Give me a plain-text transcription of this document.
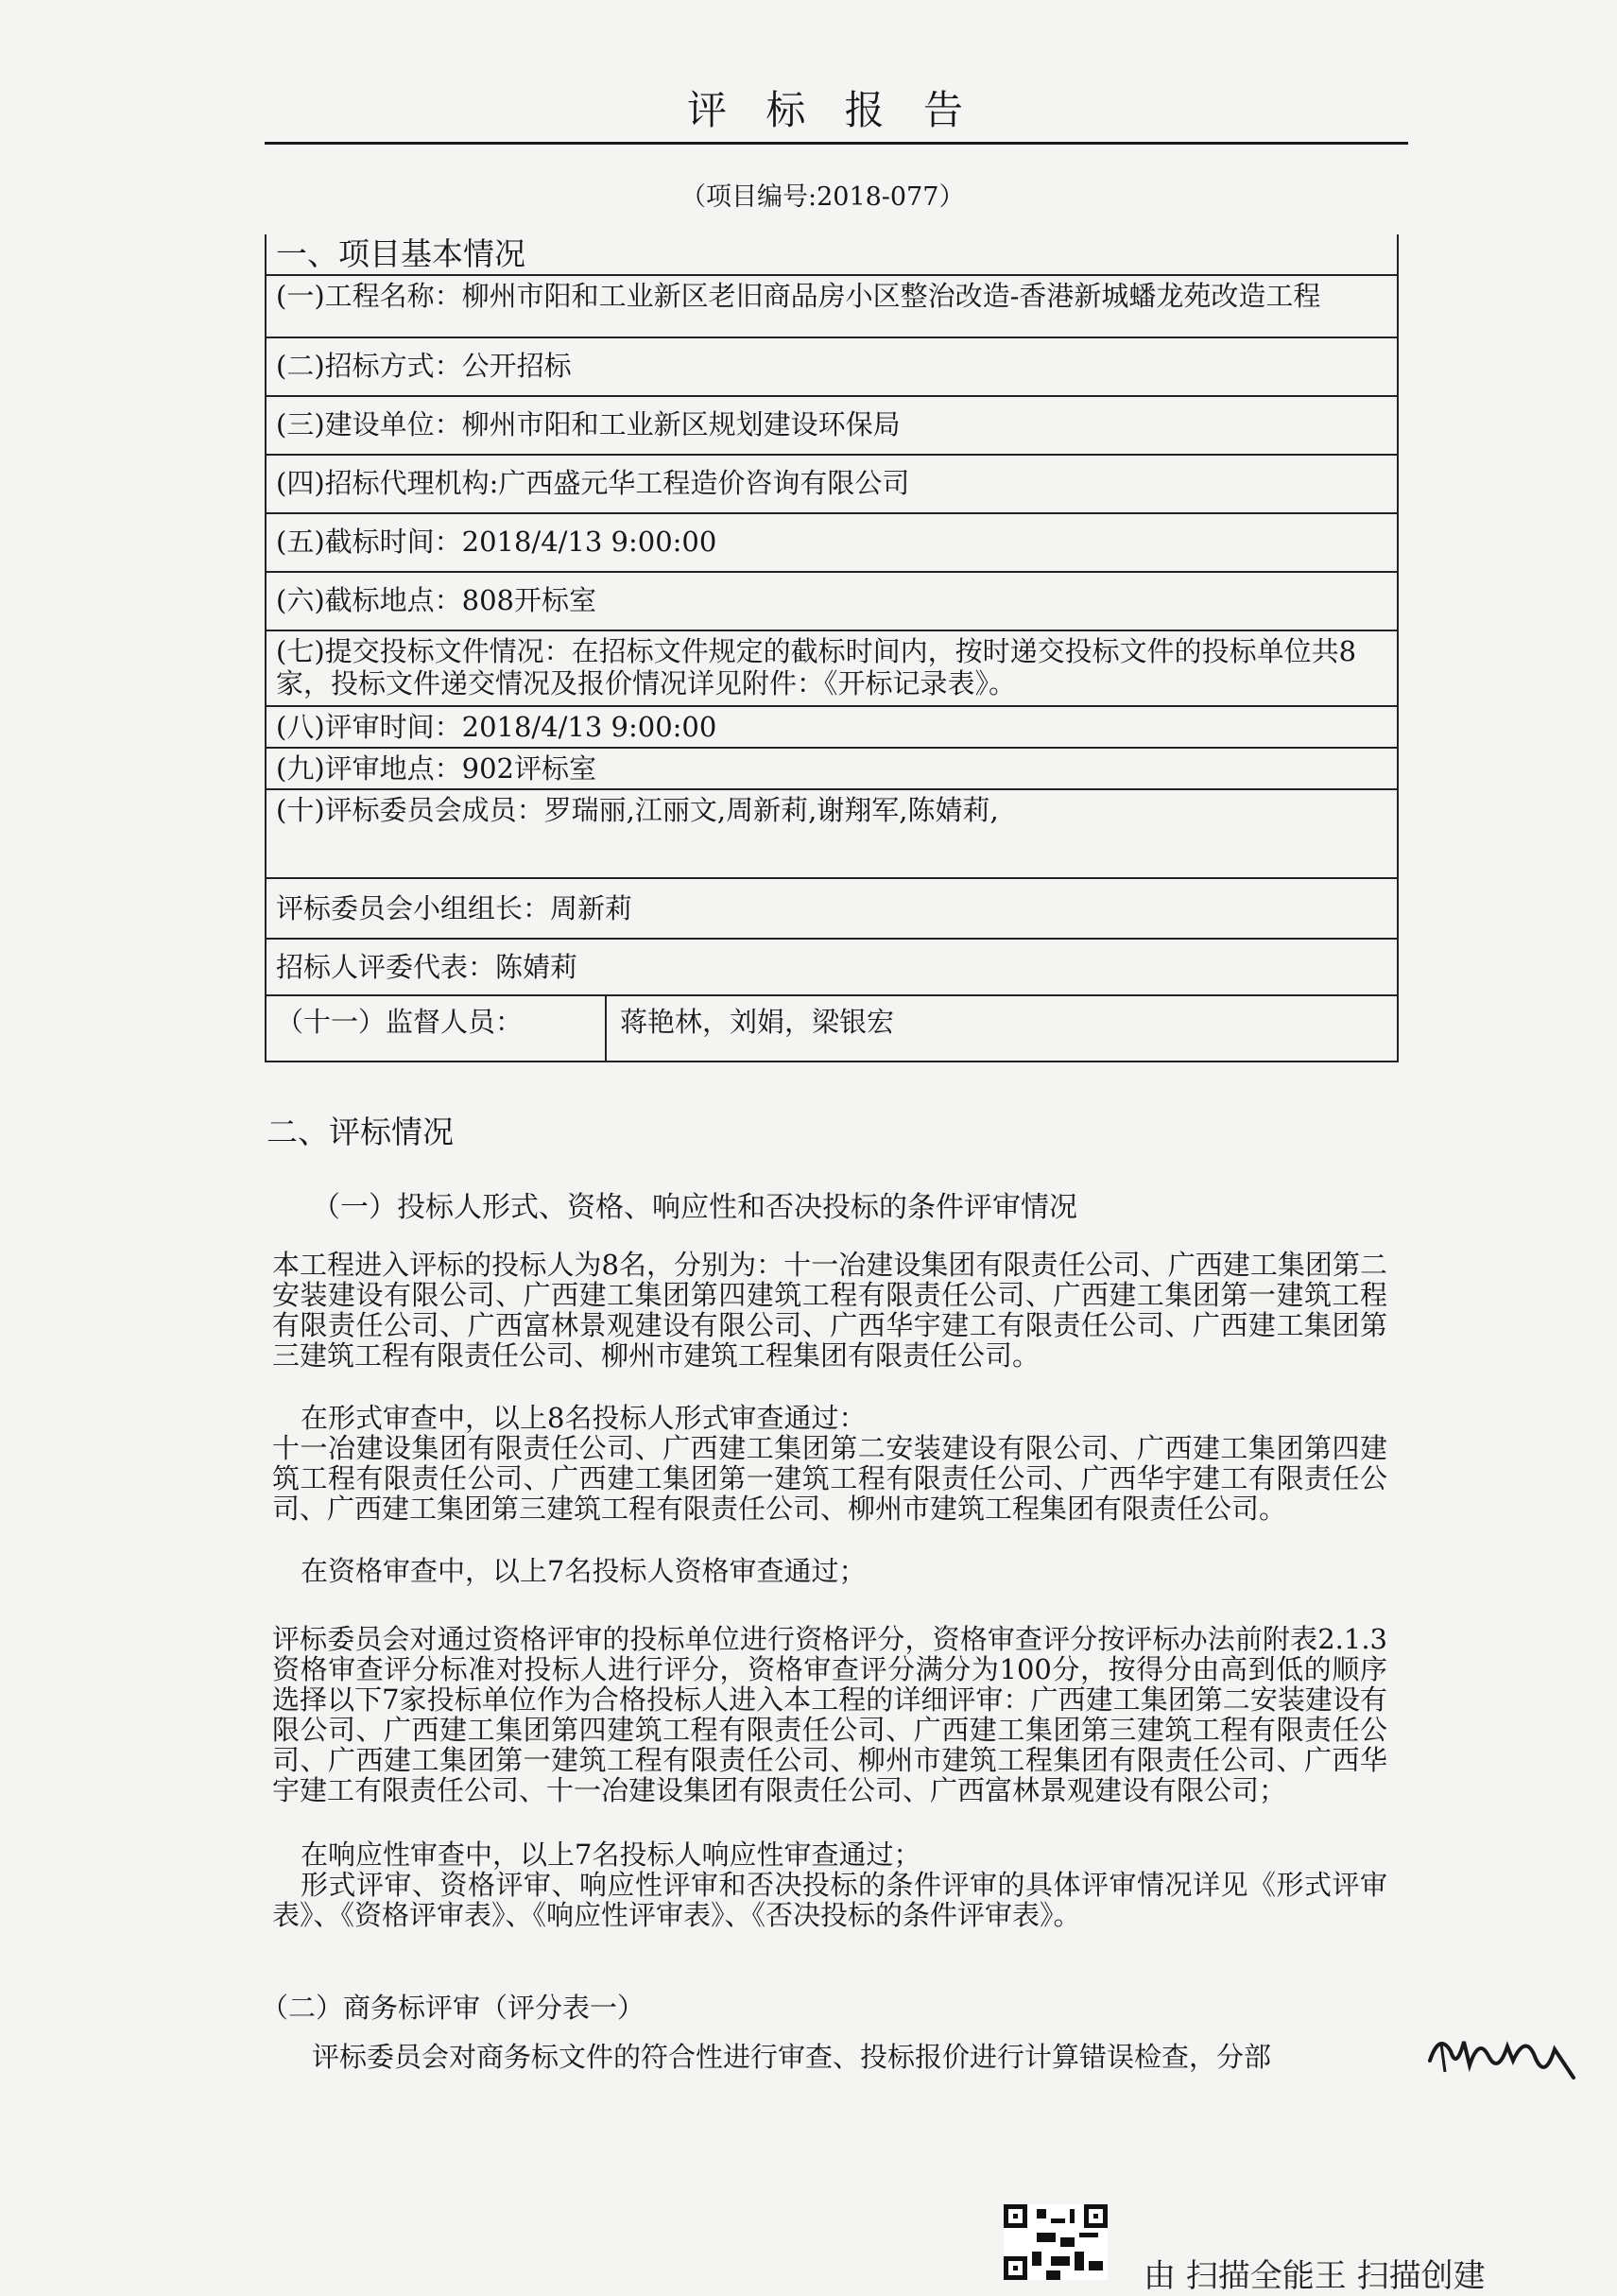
评 标 报 告
（项目编号:2018-077）
一、项目基本情况
(一)工程名称：柳州市阳和工业新区老旧商品房小区整治改造-香港新城蟠龙苑改造工程
(二)招标方式：公开招标
(三)建设单位：柳州市阳和工业新区规划建设环保局
(四)招标代理机构:广西盛元华工程造价咨询有限公司
(五)截标时间：2018/4/13 9:00:00
(六)截标地点：808开标室
(七)提交投标文件情况：在招标文件规定的截标时间内，按时递交投标文件的投标单位共8家，投标文件递交情况及报价情况详见附件：《开标记录表》。
(八)评审时间：2018/4/13 9:00:00
(九)评审地点：902评标室
(十)评标委员会成员：罗瑞丽,江丽文,周新莉,谢翔军,陈婧莉,
评标委员会小组组长：周新莉
招标人评委代表：陈婧莉
（十一）监督人员：	蒋艳林，刘娟，梁银宏
二、评标情况
（一）投标人形式、资格、响应性和否决投标的条件评审情况
本工程进入评标的投标人为8名，分别为：十一冶建设集团有限责任公司、广西建工集团第二安装建设有限公司、广西建工集团第四建筑工程有限责任公司、广西建工集团第一建筑工程有限责任公司、广西富林景观建设有限公司、广西华宇建工有限责任公司、广西建工集团第三建筑工程有限责任公司、柳州市建筑工程集团有限责任公司。
在形式审查中，以上8名投标人形式审查通过：
十一冶建设集团有限责任公司、广西建工集团第二安装建设有限公司、广西建工集团第四建筑工程有限责任公司、广西建工集团第一建筑工程有限责任公司、广西华宇建工有限责任公司、广西建工集团第三建筑工程有限责任公司、柳州市建筑工程集团有限责任公司。
在资格审查中，以上7名投标人资格审查通过；
评标委员会对通过资格评审的投标单位进行资格评分，资格审查评分按评标办法前附表2.1.3资格审查评分标准对投标人进行评分，资格审查评分满分为100分，按得分由高到低的顺序选择以下7家投标单位作为合格投标人进入本工程的详细评审：广西建工集团第二安装建设有限公司、广西建工集团第四建筑工程有限责任公司、广西建工集团第三建筑工程有限责任公司、广西建工集团第一建筑工程有限责任公司、柳州市建筑工程集团有限责任公司、广西华宇建工有限责任公司、十一冶建设集团有限责任公司、广西富林景观建设有限公司；
在响应性审查中，以上7名投标人响应性审查通过；
形式评审、资格评审、响应性评审和否决投标的条件评审的具体评审情况详见《形式评审表》、《资格评审表》、《响应性评审表》、《否决投标的条件评审表》。
（二）商务标评审（评分表一）
评标委员会对商务标文件的符合性进行审查、投标报价进行计算错误检查，分部
由 扫描全能王 扫描创建
